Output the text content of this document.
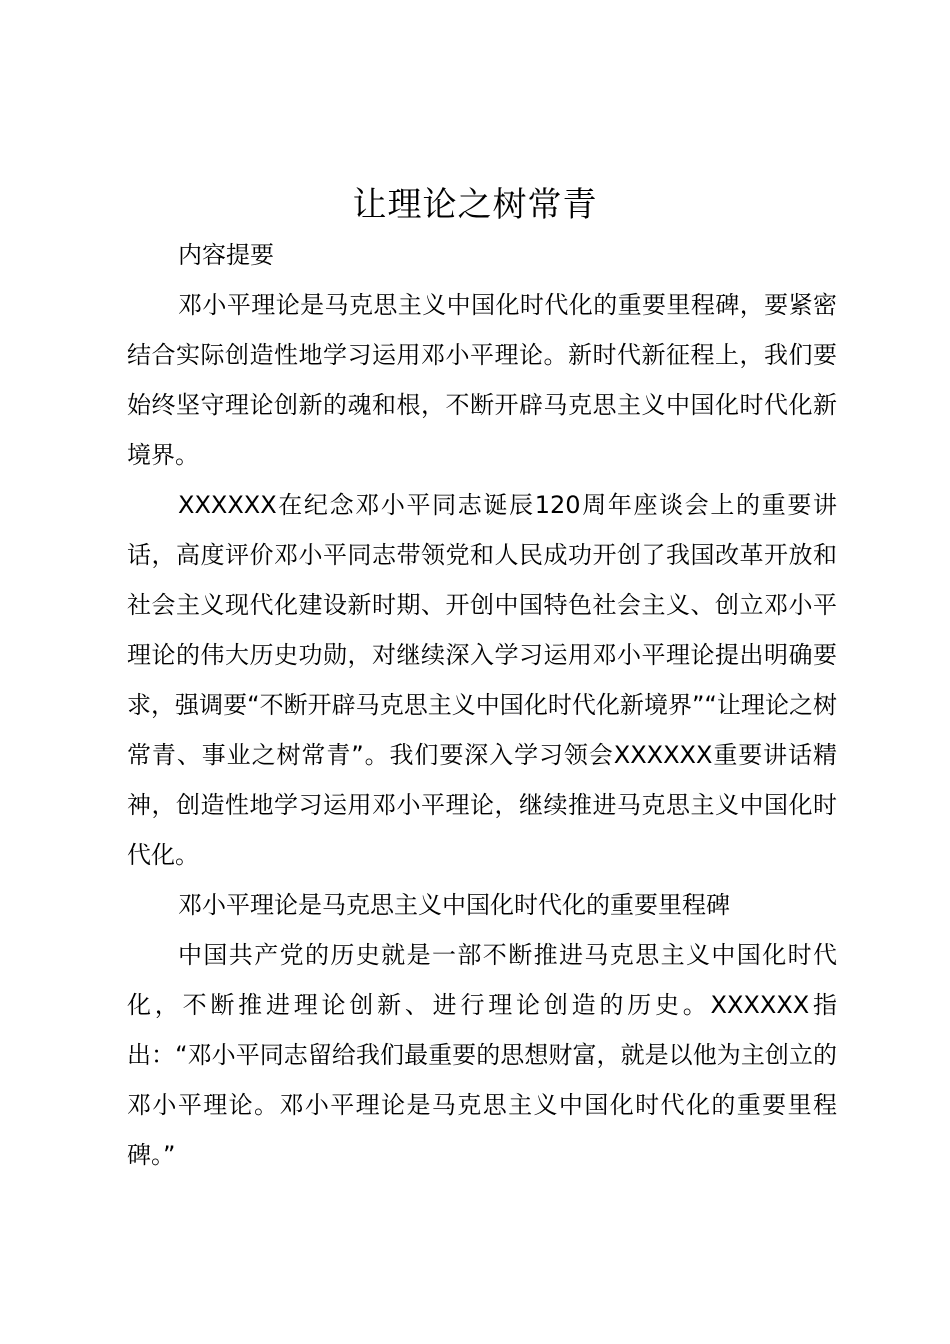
让理论之树常青

内容提要

邓小平理论是马克思主义中国化时代化的重要里程碑，要紧密结合实际创造性地学习运用邓小平理论。新时代新征程上，我们要始终坚守理论创新的魂和根，不断开辟马克思主义中国化时代化新境界。

XXXXXX在纪念邓小平同志诞辰120周年座谈会上的重要讲话，高度评价邓小平同志带领党和人民成功开创了我国改革开放和社会主义现代化建设新时期、开创中国特色社会主义、创立邓小平理论的伟大历史功勋，对继续深入学习运用邓小平理论提出明确要求，强调要“不断开辟马克思主义中国化时代化新境界”“让理论之树常青、事业之树常青”。我们要深入学习领会XXXXXX重要讲话精神，创造性地学习运用邓小平理论，继续推进马克思主义中国化时代化。

邓小平理论是马克思主义中国化时代化的重要里程碑

中国共产党的历史就是一部不断推进马克思主义中国化时代化，不断推进理论创新、进行理论创造的历史。XXXXXX指出：“邓小平同志留给我们最重要的思想财富，就是以他为主创立的邓小平理论。邓小平理论是马克思主义中国化时代化的重要里程碑。”
